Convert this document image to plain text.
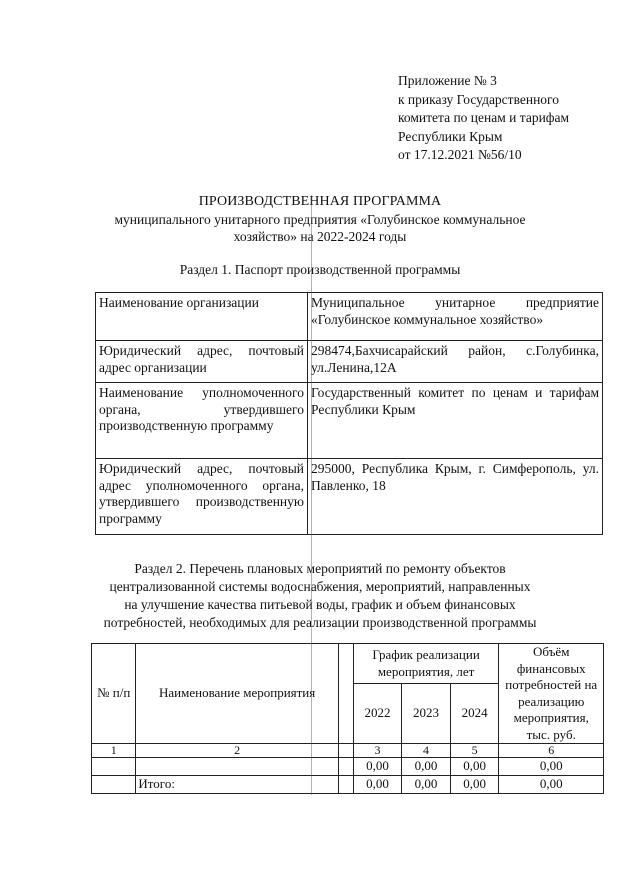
Приложение № 3
к приказу Государственного
комитета по ценам и тарифам
Республики Крым
от 17.12.2021 №56/10
ПРОИЗВОДСТВЕННАЯ ПРОГРАММА
муниципального унитарного предприятия «Голубинское коммунальное
хозяйство» на 2022-2024 годы
Раздел 1. Паспорт производственной программы
Наименование организации	Муниципальное унитарное предприятие «Голубинское коммунальное хозяйство»
Юридический адрес, почтовый адрес организации	298474,Бахчисарайский район, с.Голубинка, ул.Ленина,12А
Наименование уполномоченного органа, утвердившего производственную программу	Государственный комитет по ценам и тарифам Республики Крым
Юридический адрес, почтовый адрес уполномоченного органа, утвердившего производственную программу	295000, Республика Крым, г. Симферополь, ул. Павленко, 18
Раздел 2. Перечень плановых мероприятий по ремонту объектов
централизованной системы водоснабжения, мероприятий, направленных
на улучшение качества питьевой воды, график и объем финансовых
потребностей, необходимых для реализации производственной программы
№ п/п	Наименование мероприятия		График реализации мероприятия, лет			Объём финансовых потребностей на реализацию мероприятия, тыс. руб.
			2022	2023	2024	
1	2		3	4	5	6
			0,00	0,00	0,00	0,00
	Итого:		0,00	0,00	0,00	0,00
